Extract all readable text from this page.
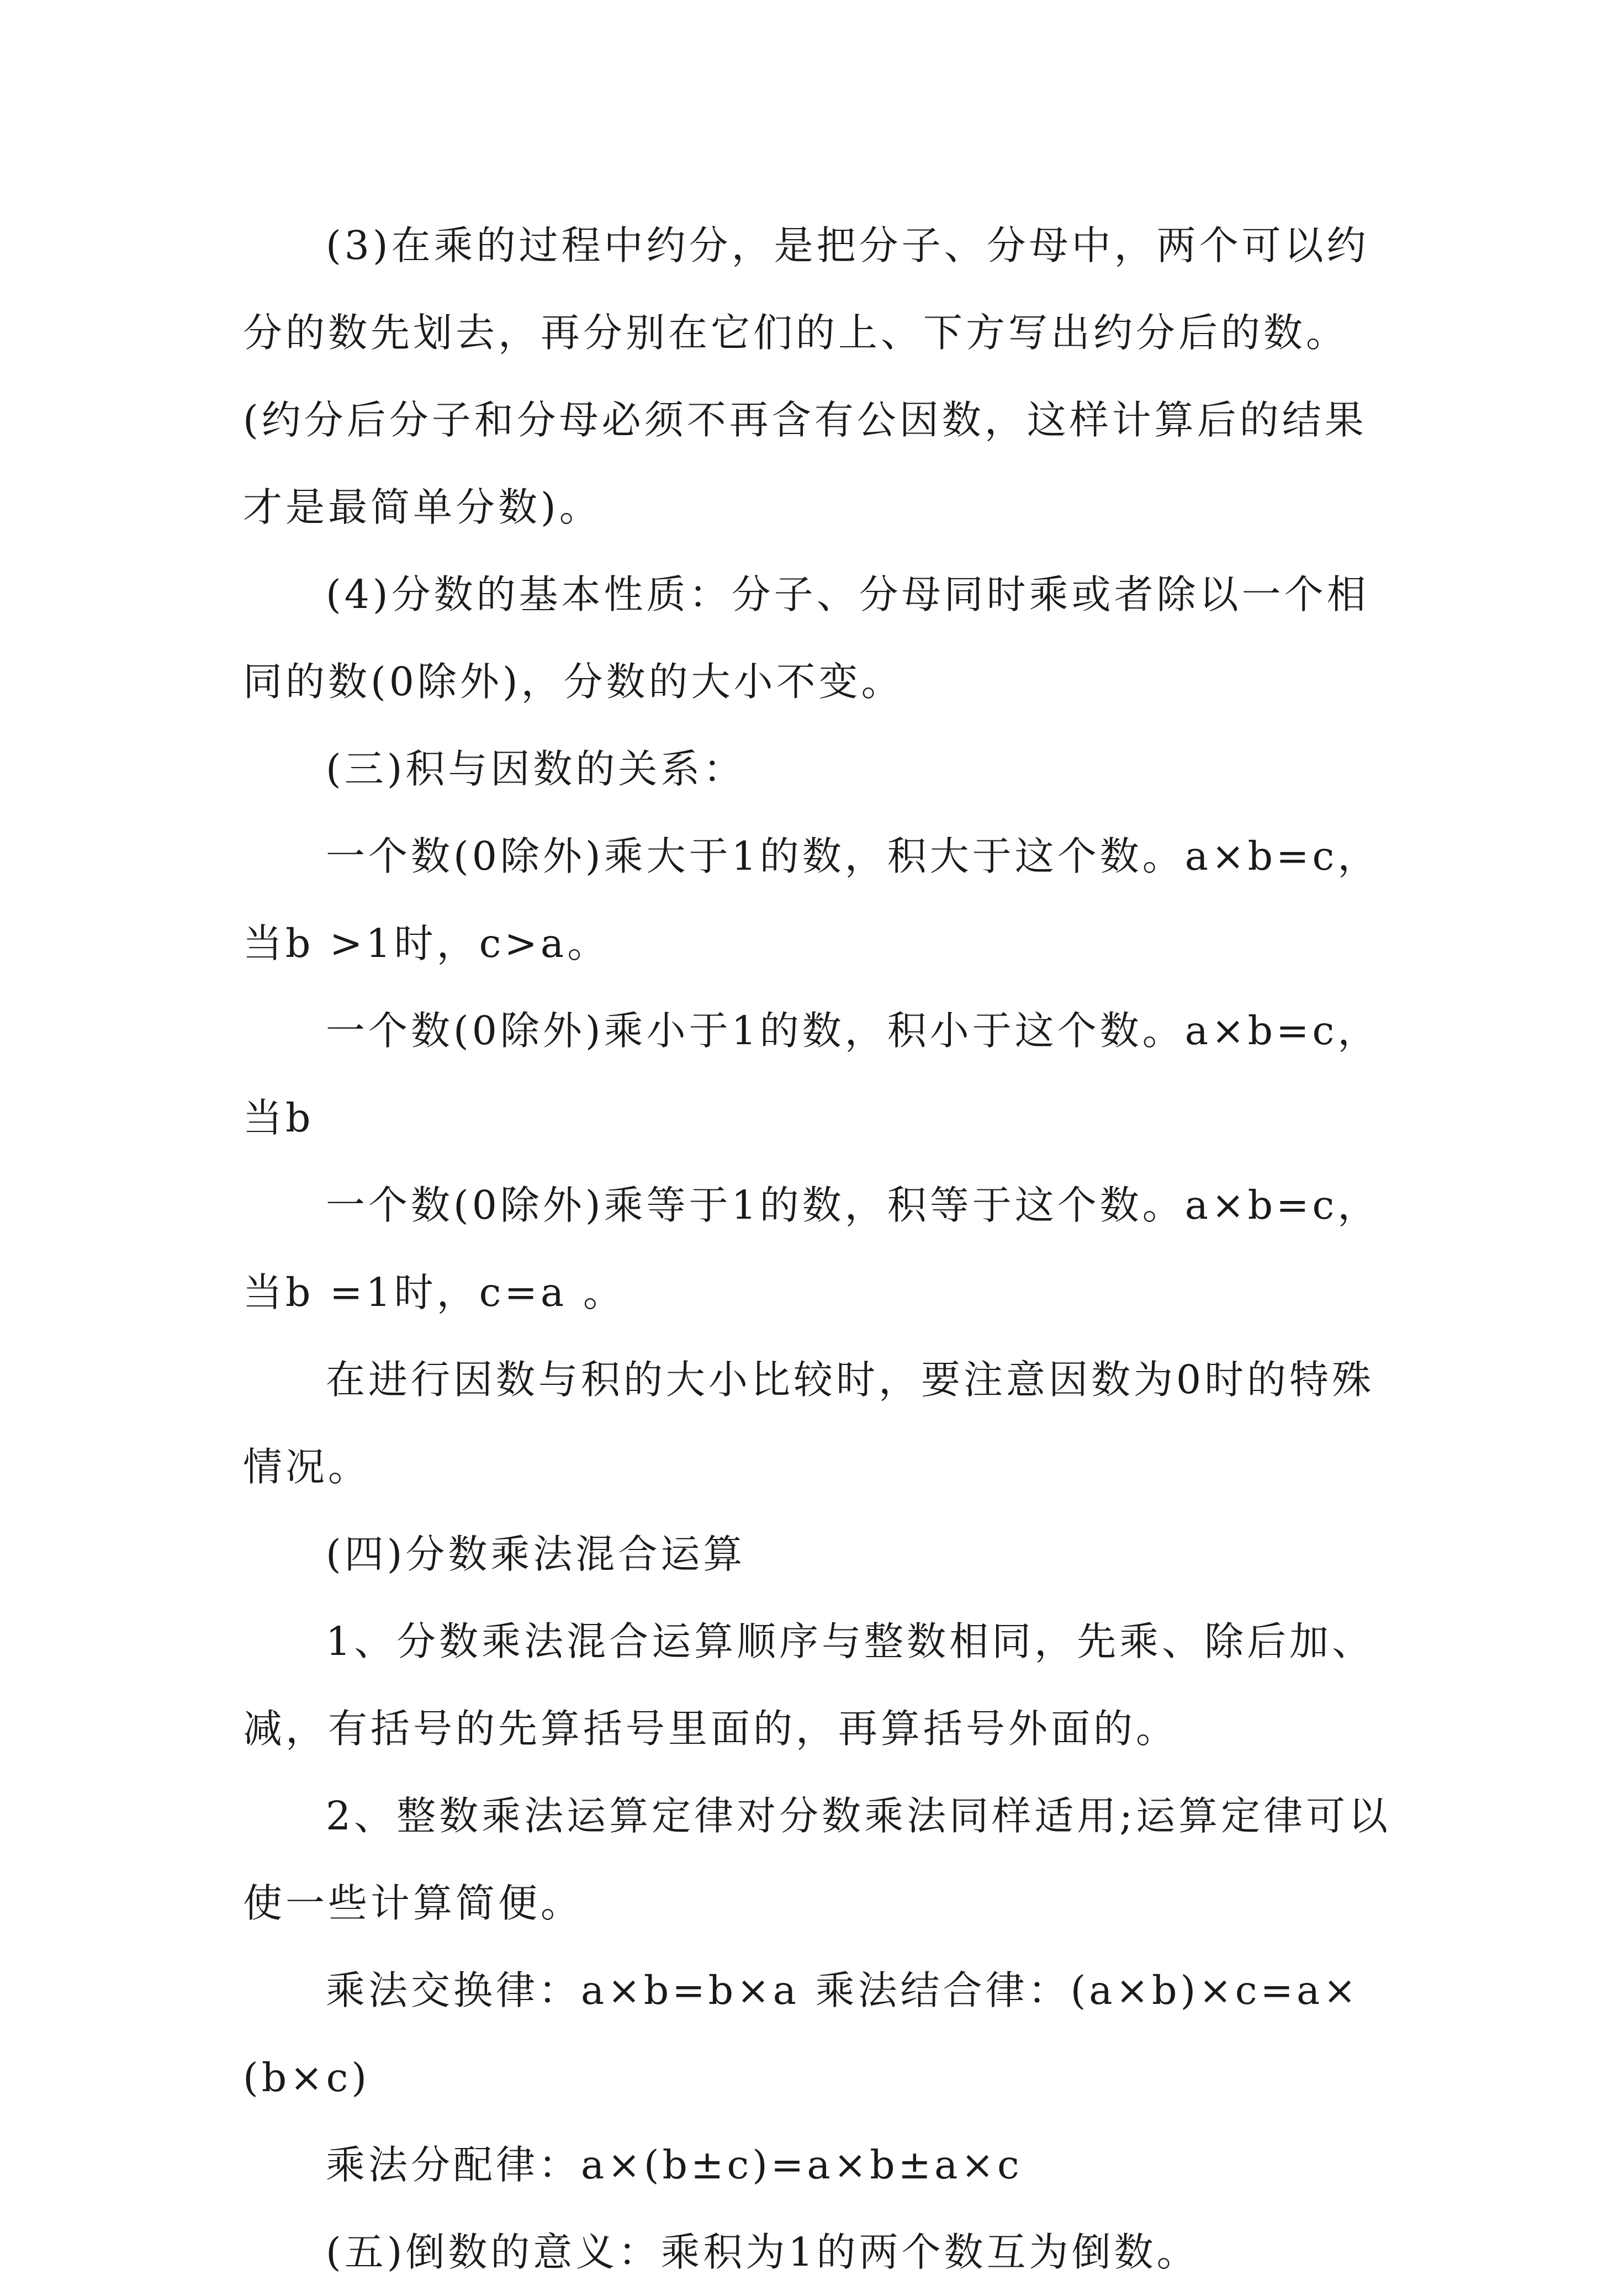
(3)在乘的过程中约分，是把分子、分母中，两个可以约分的数先划去，再分别在它们的上、下方写出约分后的数。(约分后分子和分母必须不再含有公因数，这样计算后的结果才是最简单分数)。

(4)分数的基本性质：分子、分母同时乘或者除以一个相同的数(0除外)，分数的大小不变。

(三)积与因数的关系：

一个数(0除外)乘大于1的数，积大于这个数。a×b=c，当b >1时，c>a。

一个数(0除外)乘小于1的数，积小于这个数。a×b=c，当b

一个数(0除外)乘等于1的数，积等于这个数。a×b=c，当b =1时，c=a 。

在进行因数与积的大小比较时，要注意因数为0时的特殊情况。

(四)分数乘法混合运算

1、分数乘法混合运算顺序与整数相同，先乘、除后加、减，有括号的先算括号里面的，再算括号外面的。

2、整数乘法运算定律对分数乘法同样适用;运算定律可以使一些计算简便。

乘法交换律：a×b=b×a 乘法结合律：(a×b)×c=a×(b×c)

乘法分配律：a×(b±c)=a×b±a×c

(五)倒数的意义：乘积为1的两个数互为倒数。
